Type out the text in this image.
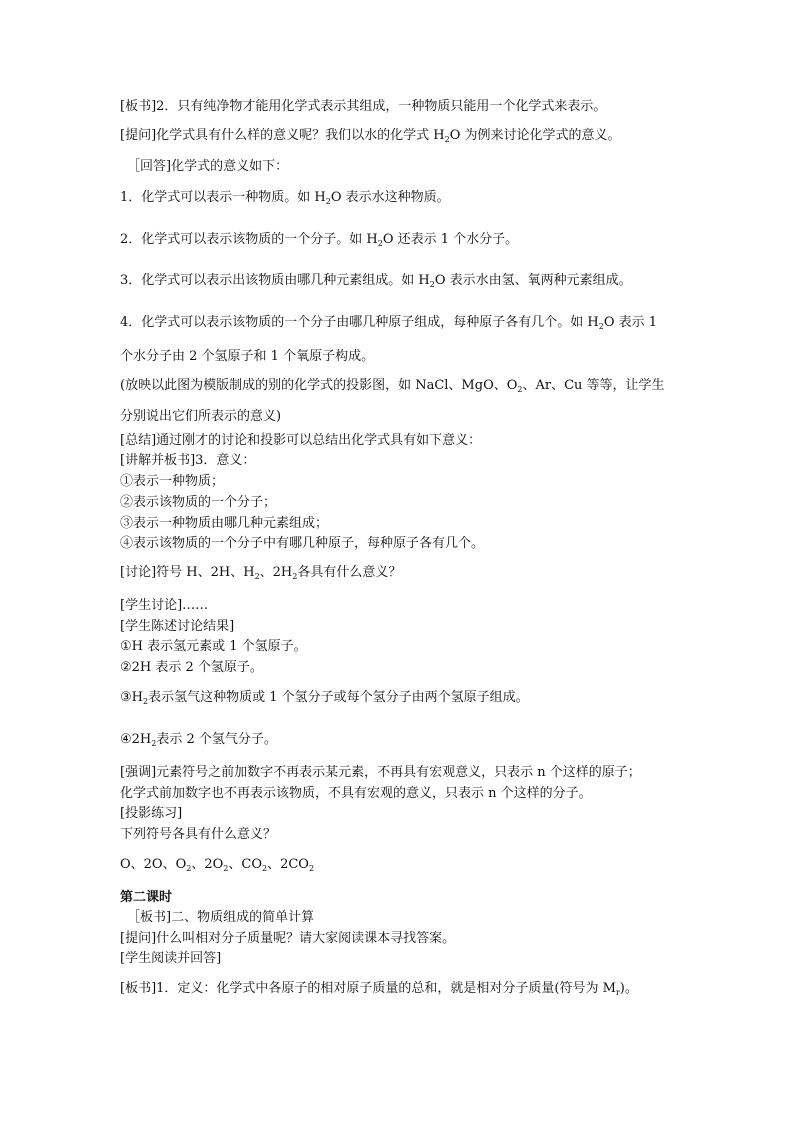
[板书]2．只有纯净物才能用化学式表示其组成，一种物质只能用一个化学式来表示。
[提问]化学式具有什么样的意义呢？我们以水的化学式 $H_2O$ 为例来讨论化学式的意义。
［回答]化学式的意义如下：
1．化学式可以表示一种物质。如 $H_2O$ 表示水这种物质。
2．化学式可以表示该物质的一个分子。如 $H_2O$ 还表示 1 个水分子。
3．化学式可以表示出该物质由哪几种元素组成。如 $H_2O$ 表示水由氢、氧两种元素组成。
4．化学式可以表示该物质的一个分子由哪几种原子组成，每种原子各有几个。如 $H_2O$ 表示 1
个水分子由 2 个氢原子和 1 个氧原子构成。
(放映以此图为模版制成的别的化学式的投影图，如 NaCl、MgO、$O_2$、Ar、Cu 等等，让学生
分别说出它们所表示的意义)
[总结]通过刚才的讨论和投影可以总结出化学式具有如下意义：
[讲解并板书]3．意义：
①表示一种物质；
②表示该物质的一个分子；
③表示一种物质由哪几种元素组成；
④表示该物质的一个分子中有哪几种原子，每种原子各有几个。
[讨论]符号 H、2H、$H_2$、$2H_2$各具有什么意义？
[学生讨论]……
[学生陈述讨论结果]
①H 表示氢元素或 1 个氢原子。
②2H 表示 2 个氢原子。
$③H_2$表示氢气这种物质或 1 个氢分子或每个氢分子由两个氢原子组成。
$④2H_2$表示 2 个氢气分子。
[强调]元素符号之前加数字不再表示某元素，不再具有宏观意义，只表示 n 个这样的原子；
化学式前加数字也不再表示该物质，不具有宏观的意义，只表示 n 个这样的分子。
[投影练习]
下列符号各具有什么意义？
O、2O、$O_2$、$2O_2$、$CO_2$、$2CO_2$
第二课时
［板书]二、物质组成的简单计算
[提问]什么叫相对分子质量呢？请大家阅读课本寻找答案。
[学生阅读并回答]
[板书]1．定义：化学式中各原子的相对原子质量的总和，就是相对分子质量(符号为 $M_r$)。
